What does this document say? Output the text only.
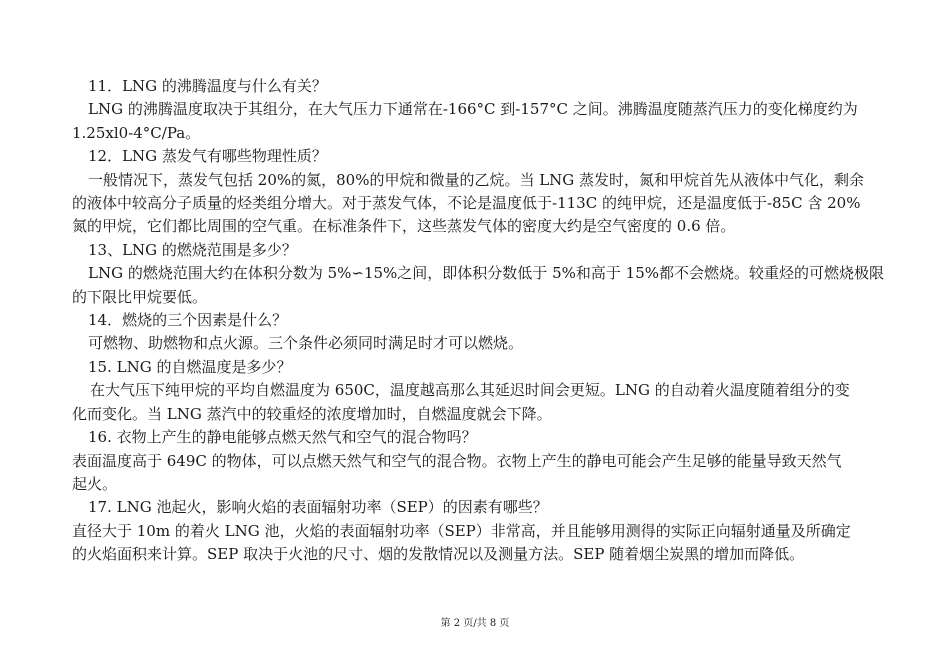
11．LNG 的沸腾温度与什么有关？

LNG 的沸腾温度取决于其组分，在大气压力下通常在-166°C 到-157°C 之间。沸腾温度随蒸汽压力的变化梯度约为

1.25xl0-4°C/Pa。

12．LNG 蒸发气有哪些物理性质？

一般情况下，蒸发气包括 20%的氮，80%的甲烷和微量的乙烷。当 LNG 蒸发时，氮和甲烷首先从液体中气化，剩余

的液体中较高分子质量的烃类组分增大。对于蒸发气体，不论是温度低于-113C 的纯甲烷，还是温度低于-85C 含 20%

氮的甲烷，它们都比周围的空气重。在标准条件下，这些蒸发气体的密度大约是空气密度的 0.6 倍。

13、LNG 的燃烧范围是多少？

LNG 的燃烧范围大约在体积分数为 5%∽15%之间，即体积分数低于 5%和高于 15%都不会燃烧。较重烃的可燃烧极限

的下限比甲烷要低。

14．燃烧的三个因素是什么？

可燃物、助燃物和点火源。三个条件必须同时满足时才可以燃烧。

15. LNG 的自燃温度是多少？

在大气压下纯甲烷的平均自燃温度为 650C，温度越高那么其延迟时间会更短。LNG 的自动着火温度随着组分的变

化而变化。当 LNG 蒸汽中的较重烃的浓度增加时，自燃温度就会下降。

16. 衣物上产生的静电能够点燃天然气和空气的混合物吗？

表面温度高于 649C 的物体，可以点燃天然气和空气的混合物。衣物上产生的静电可能会产生足够的能量导致天然气

起火。

17. LNG 池起火，影响火焰的表面辐射功率（SEP）的因素有哪些？

直径大于 10m 的着火 LNG 池，火焰的表面辐射功率（SEP）非常高，并且能够用测得的实际正向辐射通量及所确定

的火焰面积来计算。SEP 取决于火池的尺寸、烟的发散情况以及测量方法。SEP 随着烟尘炭黑的增加而降低。

第 2 页/共 8 页
